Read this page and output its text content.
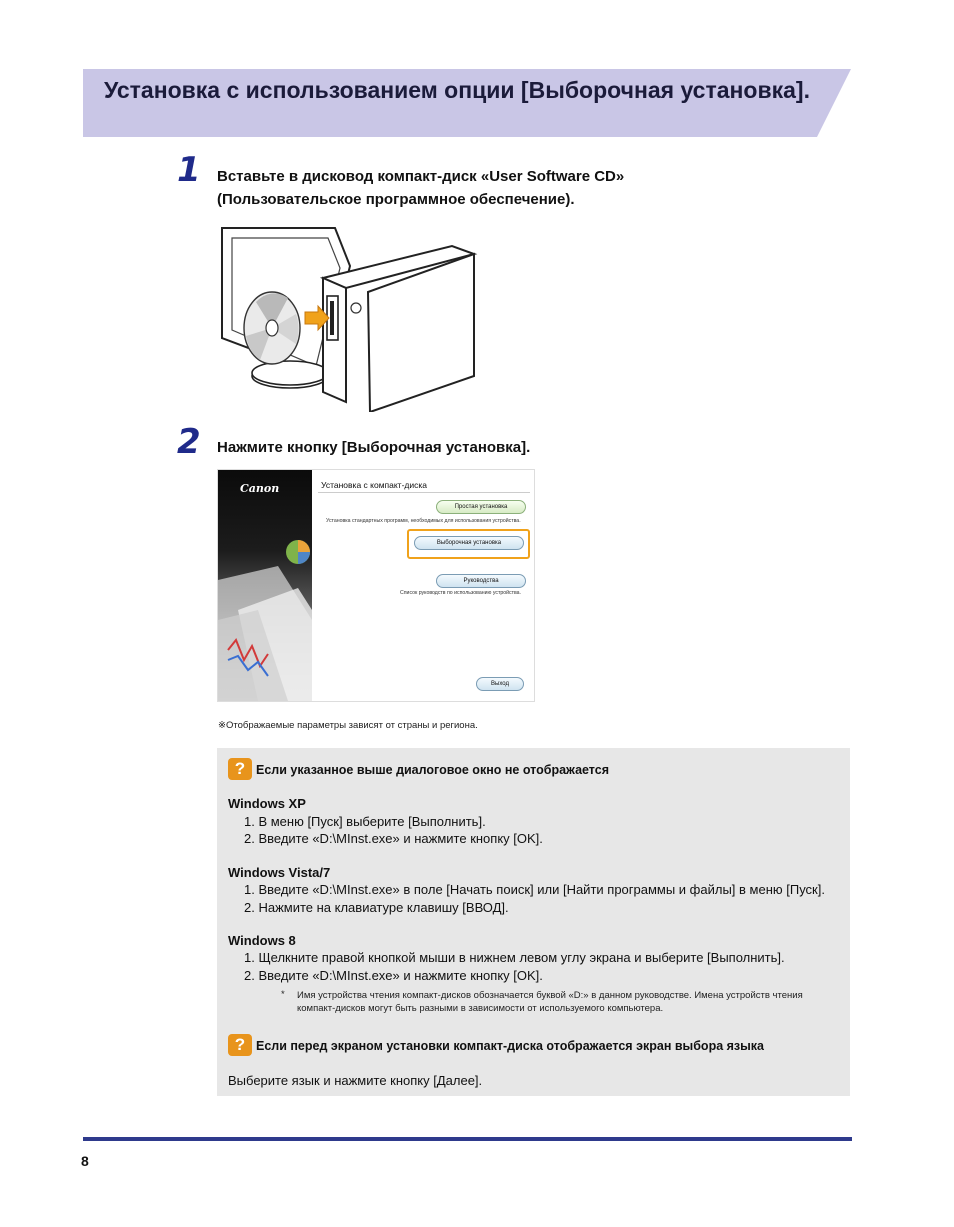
Установка с использованием опции [Выборочная установка].
1 Вставьте в дисковод компакт-диск «User Software CD»
(Пользовательское программное обеспечение).
2 Нажмите кнопку [Выборочная установка].
Canon	Установка с компакт-диска
Простая установка
Установка стандартных программ, необходимых для использования устройства.
Выборочная установка
Руководства
Список руководств по использованию устройства.
Выход
※Отображаемые параметры зависят от страны и региона.
? Если указанное выше диалоговое окно не отображается
Windows XP
1. В меню [Пуск] выберите [Выполнить].
2. Введите «D:\MInst.exe» и нажмите кнопку [OK].
Windows Vista/7
1. Введите «D:\MInst.exe» в поле [Начать поиск] или [Найти программы и файлы] в меню [Пуск].
2. Нажмите на клавиатуре клавишу [ВВОД].
Windows 8
1. Щелкните правой кнопкой мыши в нижнем левом углу экрана и выберите [Выполнить].
2. Введите «D:\MInst.exe» и нажмите кнопку [OK].
* Имя устройства чтения компакт-дисков обозначается буквой «D:» в данном руководстве. Имена устройств чтения компакт-дисков могут быть разными в зависимости от используемого компьютера.
? Если перед экраном установки компакт-диска отображается экран выбора языка
Выберите язык и нажмите кнопку [Далее].
8
